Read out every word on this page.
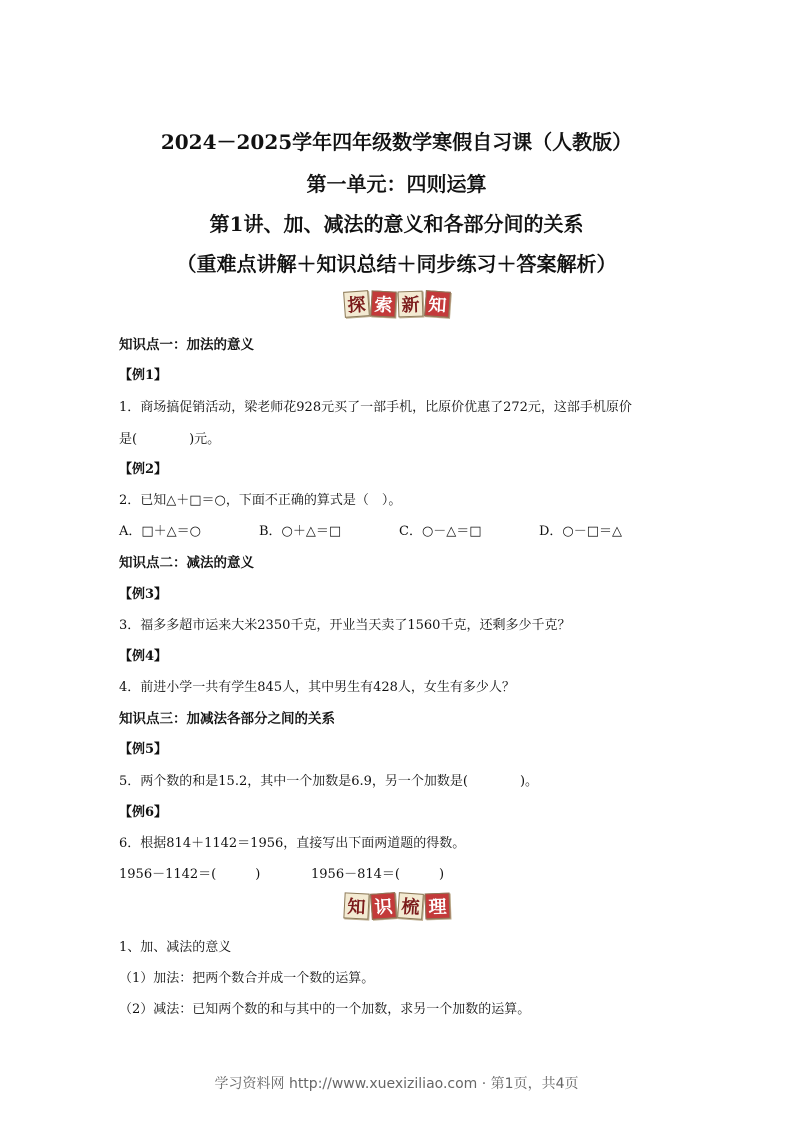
2024－2025学年四年级数学寒假自习课（人教版）
第一单元：四则运算
第1讲、加、减法的意义和各部分间的关系
（重难点讲解＋知识总结＋同步练习＋答案解析）
探 索 新 知
知识点一：加法的意义
【例1】
1．商场搞促销活动，梁老师花928元买了一部手机，比原价优惠了272元，这部手机原价
是(　　　　)元。
【例2】
2．已知△＋□＝○，下面不正确的算式是（　）。
A．□＋△＝○	B．○＋△＝□	C．○－△＝□	D．○－□＝△
知识点二：减法的意义
【例3】
3．福多多超市运来大米2350千克，开业当天卖了1560千克，还剩多少千克？
【例4】
4．前进小学一共有学生845人，其中男生有428人，女生有多少人？
知识点三：加减法各部分之间的关系
【例5】
5．两个数的和是15.2，其中一个加数是6.9，另一个加数是(　　　　)。
【例6】
6．根据814＋1142＝1956，直接写出下面两道题的得数。
1956－1142＝(　　　)	1956－814＝(　　　)
知 识 梳 理
1、加、减法的意义
（1）加法：把两个数合并成一个数的运算。
（2）减法：已知两个数的和与其中的一个加数，求另一个加数的运算。
学习资料网 http://www.xuexiziliao.com · 第1页，共4页
